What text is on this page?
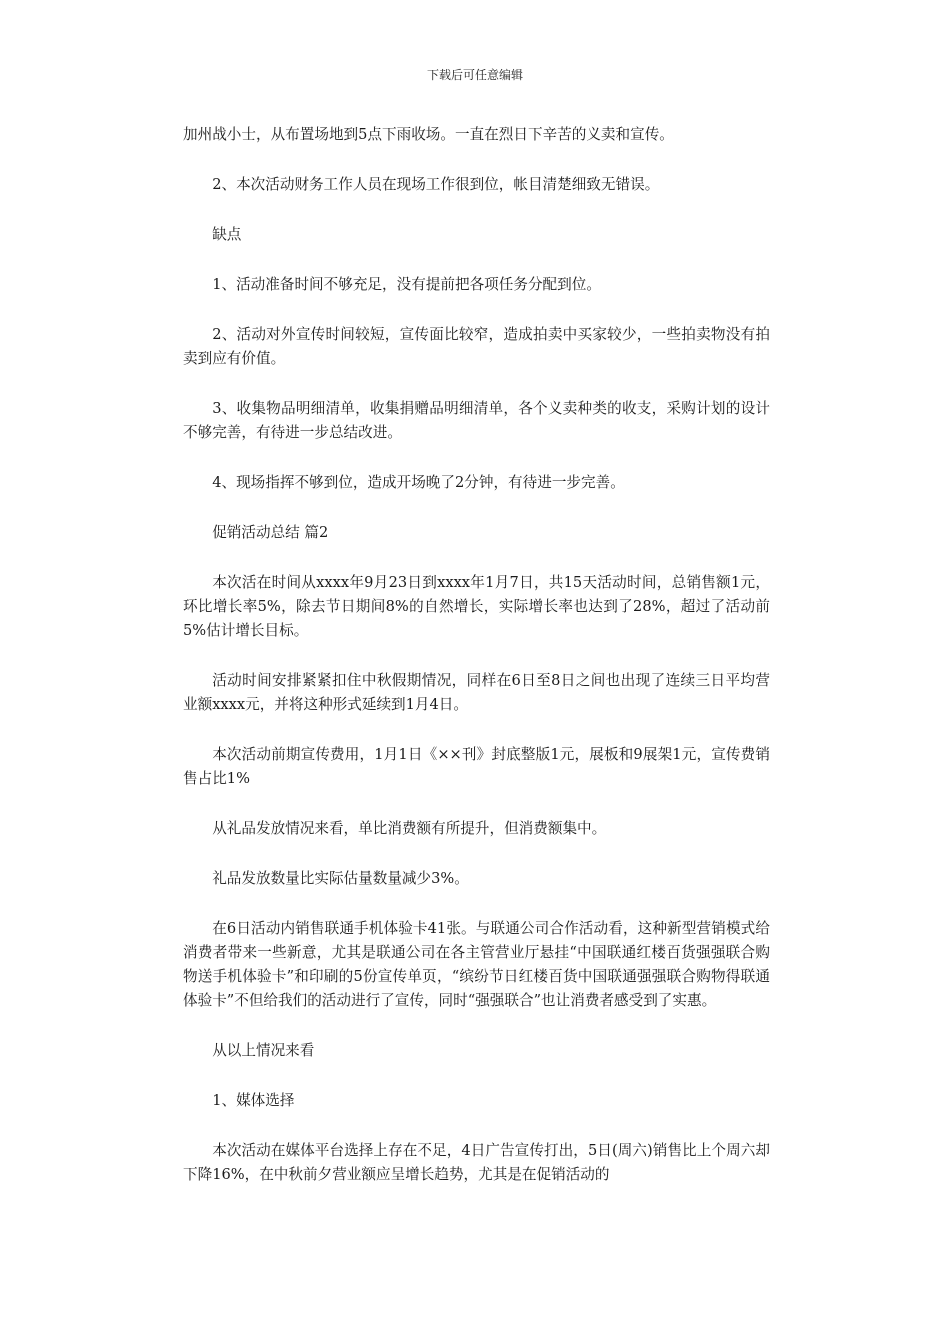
下载后可任意编辑

加州战小士，从布置场地到5点下雨收场。一直在烈日下辛苦的义卖和宣传。

2、本次活动财务工作人员在现场工作很到位，帐目清楚细致无错误。

缺点

1、活动准备时间不够充足，没有提前把各项任务分配到位。

2、活动对外宣传时间较短，宣传面比较窄，造成拍卖中买家较少，一些拍卖物没有拍卖到应有价值。

3、收集物品明细清单，收集捐赠品明细清单，各个义卖种类的收支，采购计划的设计不够完善，有待进一步总结改进。

4、现场指挥不够到位，造成开场晚了2分钟，有待进一步完善。

促销活动总结 篇2

本次活在时间从xxxx年9月23日到xxxx年1月7日，共15天活动时间，总销售额1元，环比增长率5%，除去节日期间8%的自然增长，实际增长率也达到了28%，超过了活动前5%估计增长目标。

活动时间安排紧紧扣住中秋假期情况，同样在6日至8日之间也出现了连续三日平均营业额xxxx元，并将这种形式延续到1月4日。

本次活动前期宣传费用，1月1日《××刊》封底整版1元，展板和9展架1元，宣传费销售占比1%

从礼品发放情况来看，单比消费额有所提升，但消费额集中。

礼品发放数量比实际估量数量减少3%。

在6日活动内销售联通手机体验卡41张。与联通公司合作活动看，这种新型营销模式给消费者带来一些新意，尤其是联通公司在各主管营业厅悬挂“中国联通红楼百货强强联合购物送手机体验卡”和印刷的5份宣传单页，“缤纷节日红楼百货中国联通强强联合购物得联通体验卡”不但给我们的活动进行了宣传，同时“强强联合”也让消费者感受到了实惠。

从以上情况来看

1、媒体选择

本次活动在媒体平台选择上存在不足，4日广告宣传打出，5日(周六)销售比上个周六却下降16%，在中秋前夕营业额应呈增长趋势，尤其是在促销活动的
